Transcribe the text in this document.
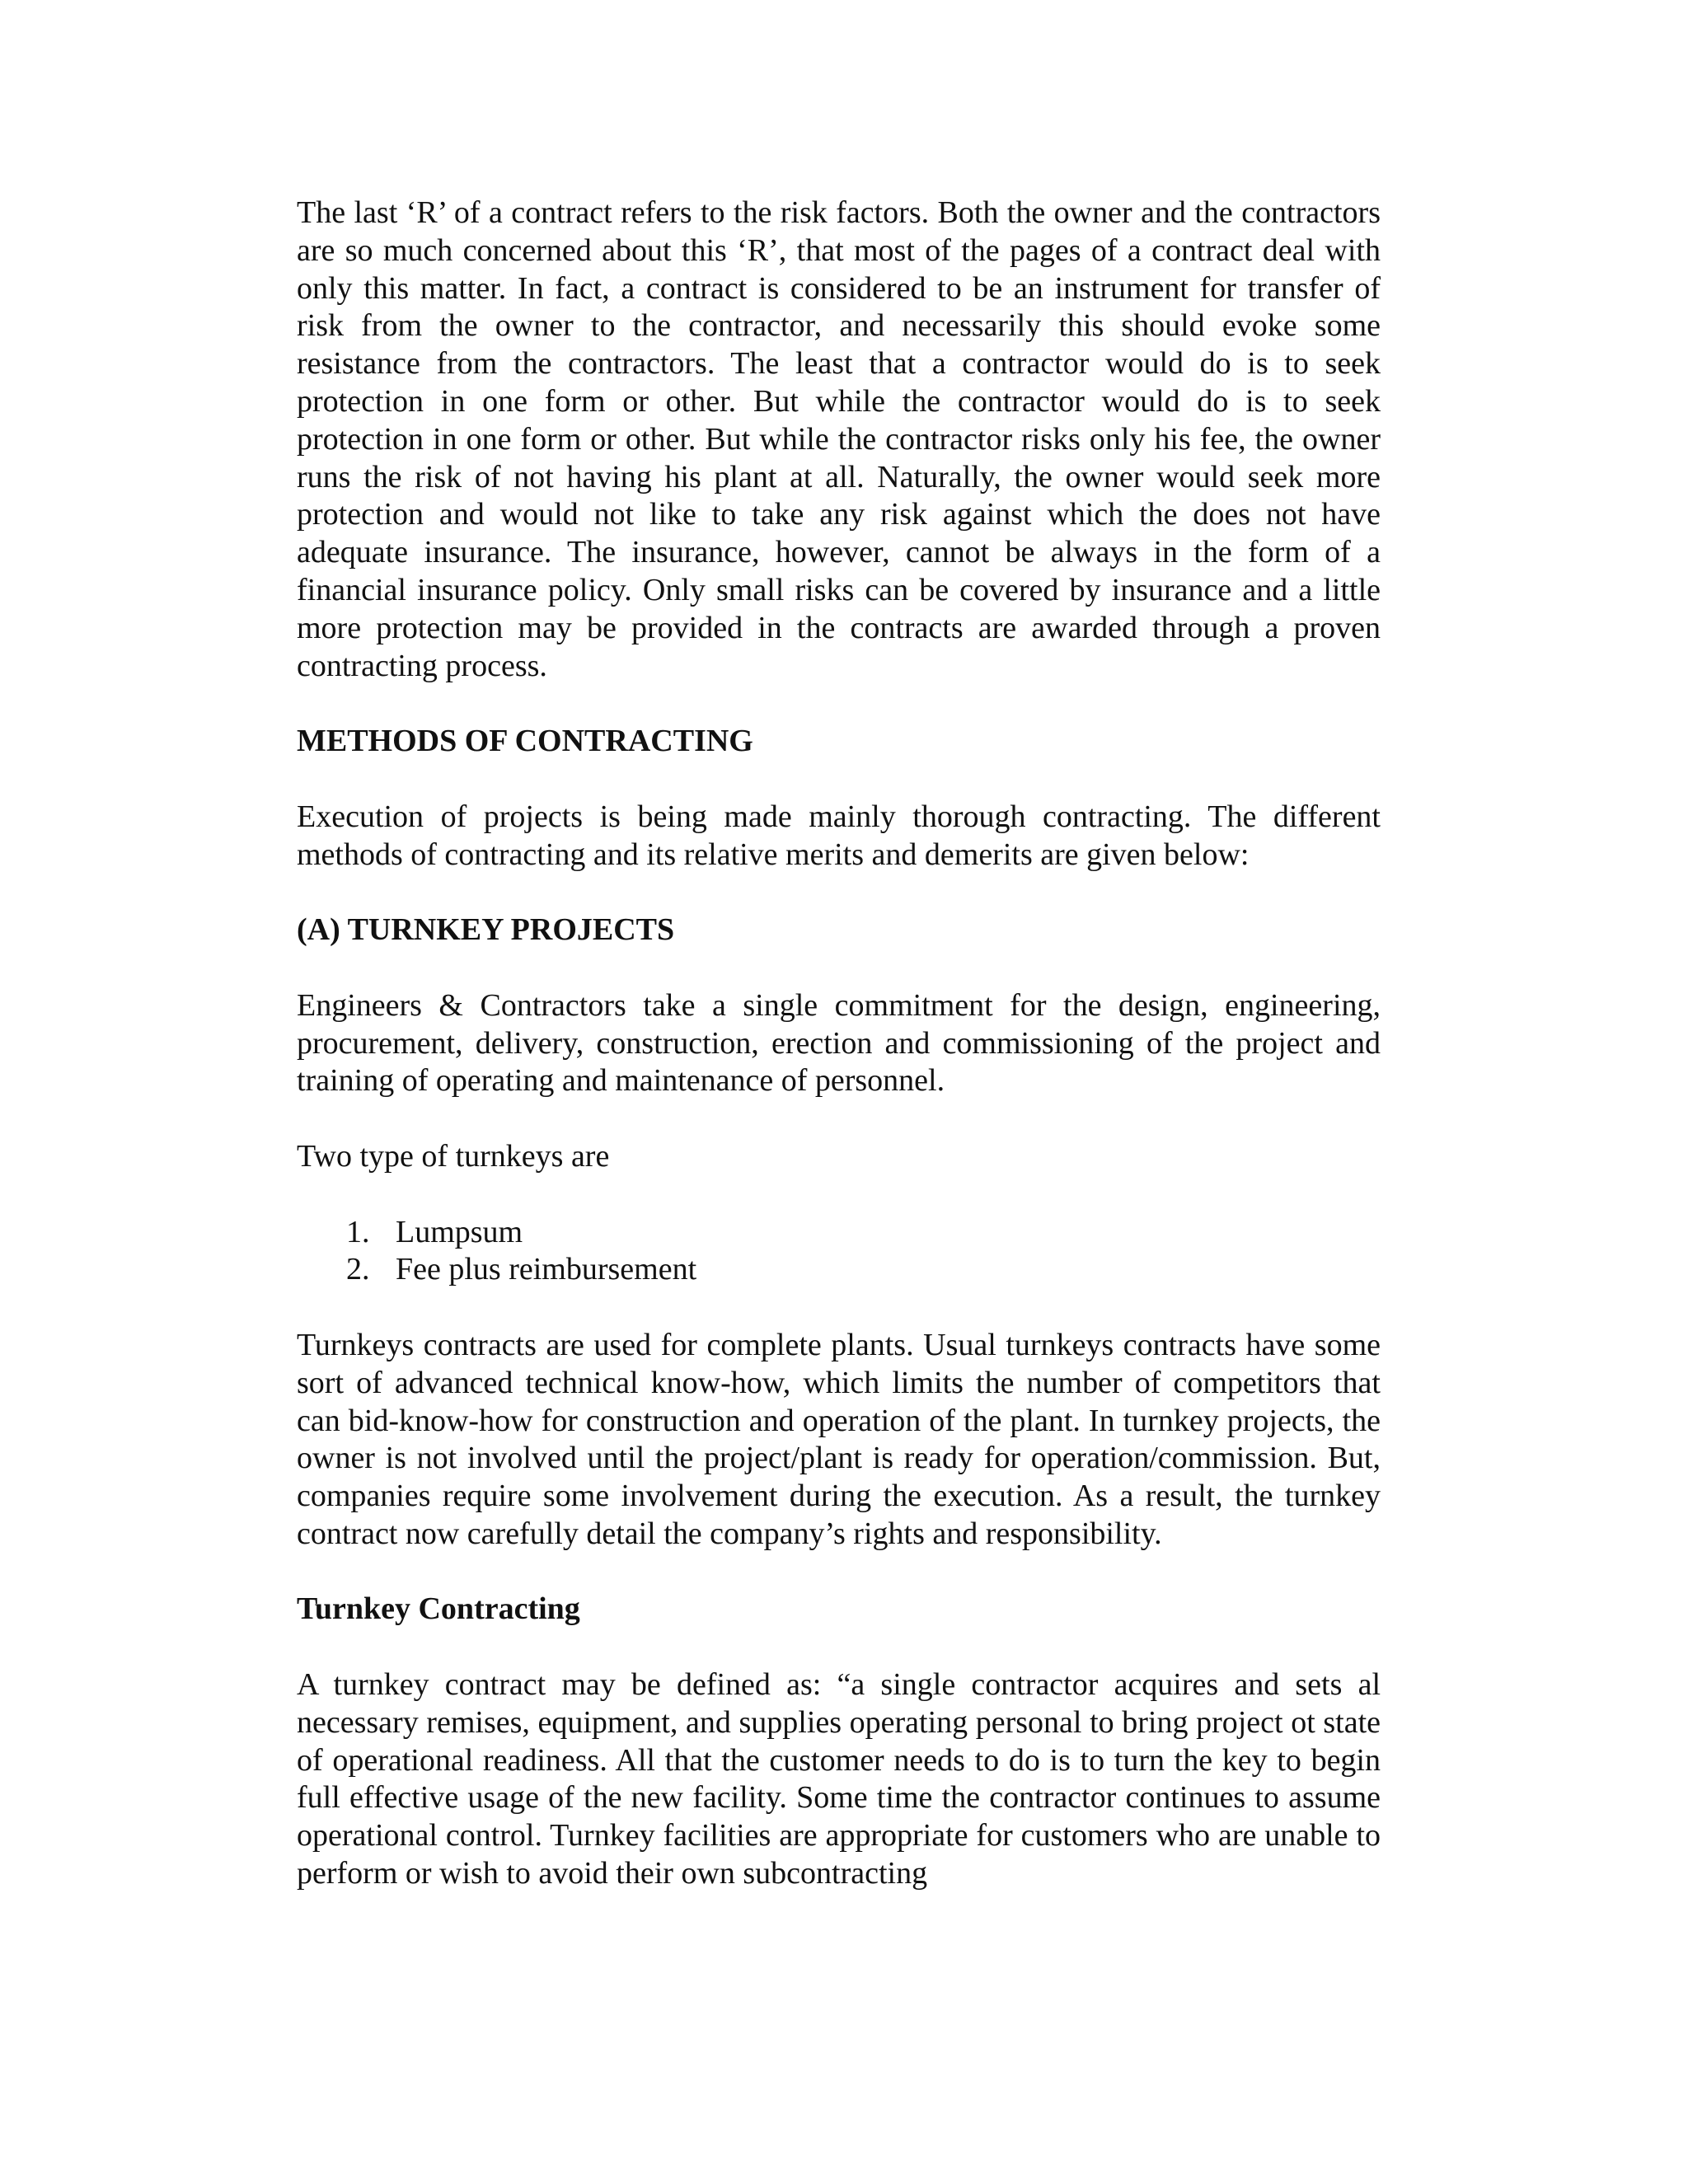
The last ‘R’ of a contract refers to the risk factors. Both the owner and the contractors are so much concerned about this ‘R’, that most of the pages of a contract deal with only this matter. In fact, a contract is considered to be an instrument for transfer of risk from the owner to the contractor, and necessarily this should evoke some resistance from the contractors. The least that a contractor would do is to seek protection in one form or other. But while the contractor would do is to seek protection in one form or other. But while the contractor risks only his fee, the owner runs the risk of not having his plant at all. Naturally, the owner would seek more protection and would not like to take any risk against which the does not have adequate insurance. The insurance, however, cannot be always in the form of a financial insurance policy. Only small risks can be covered by insurance and a little more protection may be provided in the contracts are awarded through a proven contracting process.

METHODS OF CONTRACTING

Execution of projects is being made mainly thorough contracting. The different methods of contracting and its relative merits and demerits are given below:

(A) TURNKEY PROJECTS

Engineers & Contractors take a single commitment for the design, engineering, procurement, delivery, construction, erection and commissioning of the project and training of operating and maintenance of personnel.

Two type of turnkeys are

1. Lumpsum
2. Fee plus reimbursement

Turnkeys contracts are used for complete plants. Usual turnkeys contracts have some sort of advanced technical know-how, which limits the number of competitors that can bid-know-how for construction and operation of the plant. In turnkey projects, the owner is not involved until the project/plant is ready for operation/commission. But, companies require some involvement during the execution. As a result, the turnkey contract now carefully detail the company’s rights and responsibility.

Turnkey Contracting

A turnkey contract may be defined as: “a single contractor acquires and sets al necessary remises, equipment, and supplies operating personal to bring project ot state of operational readiness. All that the customer needs to do is to turn the key to begin full effective usage of the new facility. Some time the contractor continues to assume operational control. Turnkey facilities are appropriate for customers who are unable to perform or wish to avoid their own subcontracting
